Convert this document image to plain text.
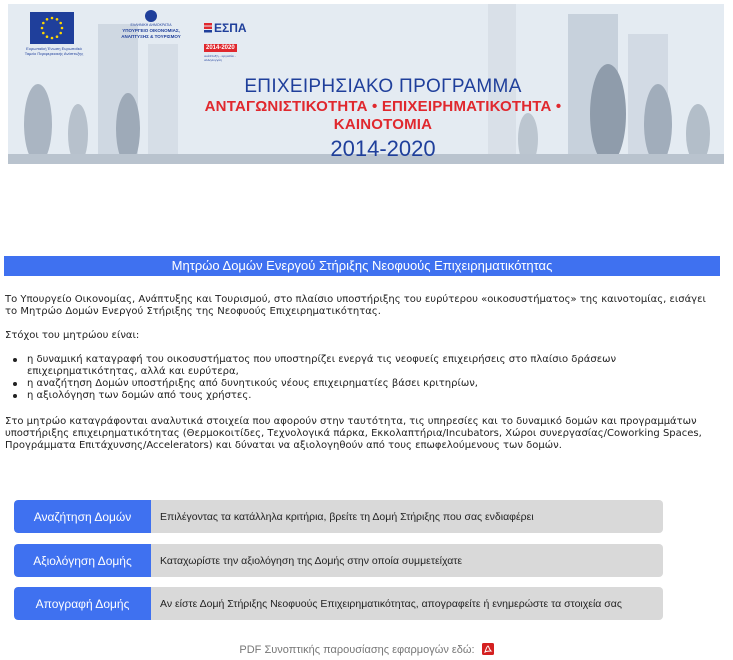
Ευρωπαϊκή Ένωση Ευρωπαϊκό Ταμείο Περιφερειακής Ανάπτυξης
ΕΛΛΗΝΙΚΗ ΔΗΜΟΚΡΑΤΙΑ
ΥΠΟΥΡΓΕΙΟ ΟΙΚΟΝΟΜΙΑΣ,
ΑΝΑΠΤΥΞΗΣ & ΤΟΥΡΙΣΜΟΥ
ΕΣΠΑ
2014-2020
ανάπτυξη - εργασία - αλληλεγγύη
ΕΠΙΧΕΙΡΗΣΙΑΚΟ ΠΡΟΓΡΑΜΜΑ
ΑΝΤΑΓΩΝΙΣΤΙΚΟΤΗΤΑ • ΕΠΙΧΕΙΡΗΜΑΤΙΚΟΤΗΤΑ • ΚΑΙΝΟΤΟΜΙΑ
2014-2020
Μητρώο Δομών Ενεργού Στήριξης Νεοφυούς Επιχειρηματικότητας

Το Υπουργείο Οικονομίας, Ανάπτυξης και Τουρισμού, στο πλαίσιο υποστήριξης του ευρύτερου «οικοσυστήματος» της καινοτομίας, εισάγει το Μητρώο Δομών Ενεργού Στήριξης της Νεοφυούς Επιχειρηματικότητας.

Στόχοι του μητρώου είναι:

η δυναμική καταγραφή του οικοσυστήματος που υποστηρίζει ενεργά τις νεοφυείς επιχειρήσεις στο πλαίσιο δράσεων επιχειρηματικότητας, αλλά και ευρύτερα,
η αναζήτηση Δομών υποστήριξης από δυνητικούς νέους επιχειρηματίες βάσει κριτηρίων,
η αξιολόγηση των δομών από τους χρήστες.

Στο μητρώο καταγράφονται αναλυτικά στοιχεία που αφορούν στην ταυτότητα, τις υπηρεσίες και το δυναμικό δομών και προγραμμάτων υποστήριξης επιχειρηματικότητας (Θερμοκοιτίδες, Τεχνολογικά πάρκα, Εκκολαπτήρια/Incubators, Χώροι συνεργασίας/Coworking Spaces, Προγράμματα Επιτάχυνσης/Accelerators) και δύναται να αξιολογηθούν από τους επωφελούμενους των δομών.

Αναζήτηση Δομών	Επιλέγοντας τα κατάλληλα κριτήρια, βρείτε τη Δομή Στήριξης που σας ενδιαφέρει
Αξιολόγηση Δομής	Καταχωρίστε την αξιολόγηση της Δομής στην οποία συμμετείχατε
Απογραφή Δομής	Αν είστε Δομή Στήριξης Νεοφυούς Επιχειρηματικότητας, απογραφείτε ή ενημερώστε τα στοιχεία σας
PDF Συνοπτικής παρουσίασης εφαρμογών εδώ:
